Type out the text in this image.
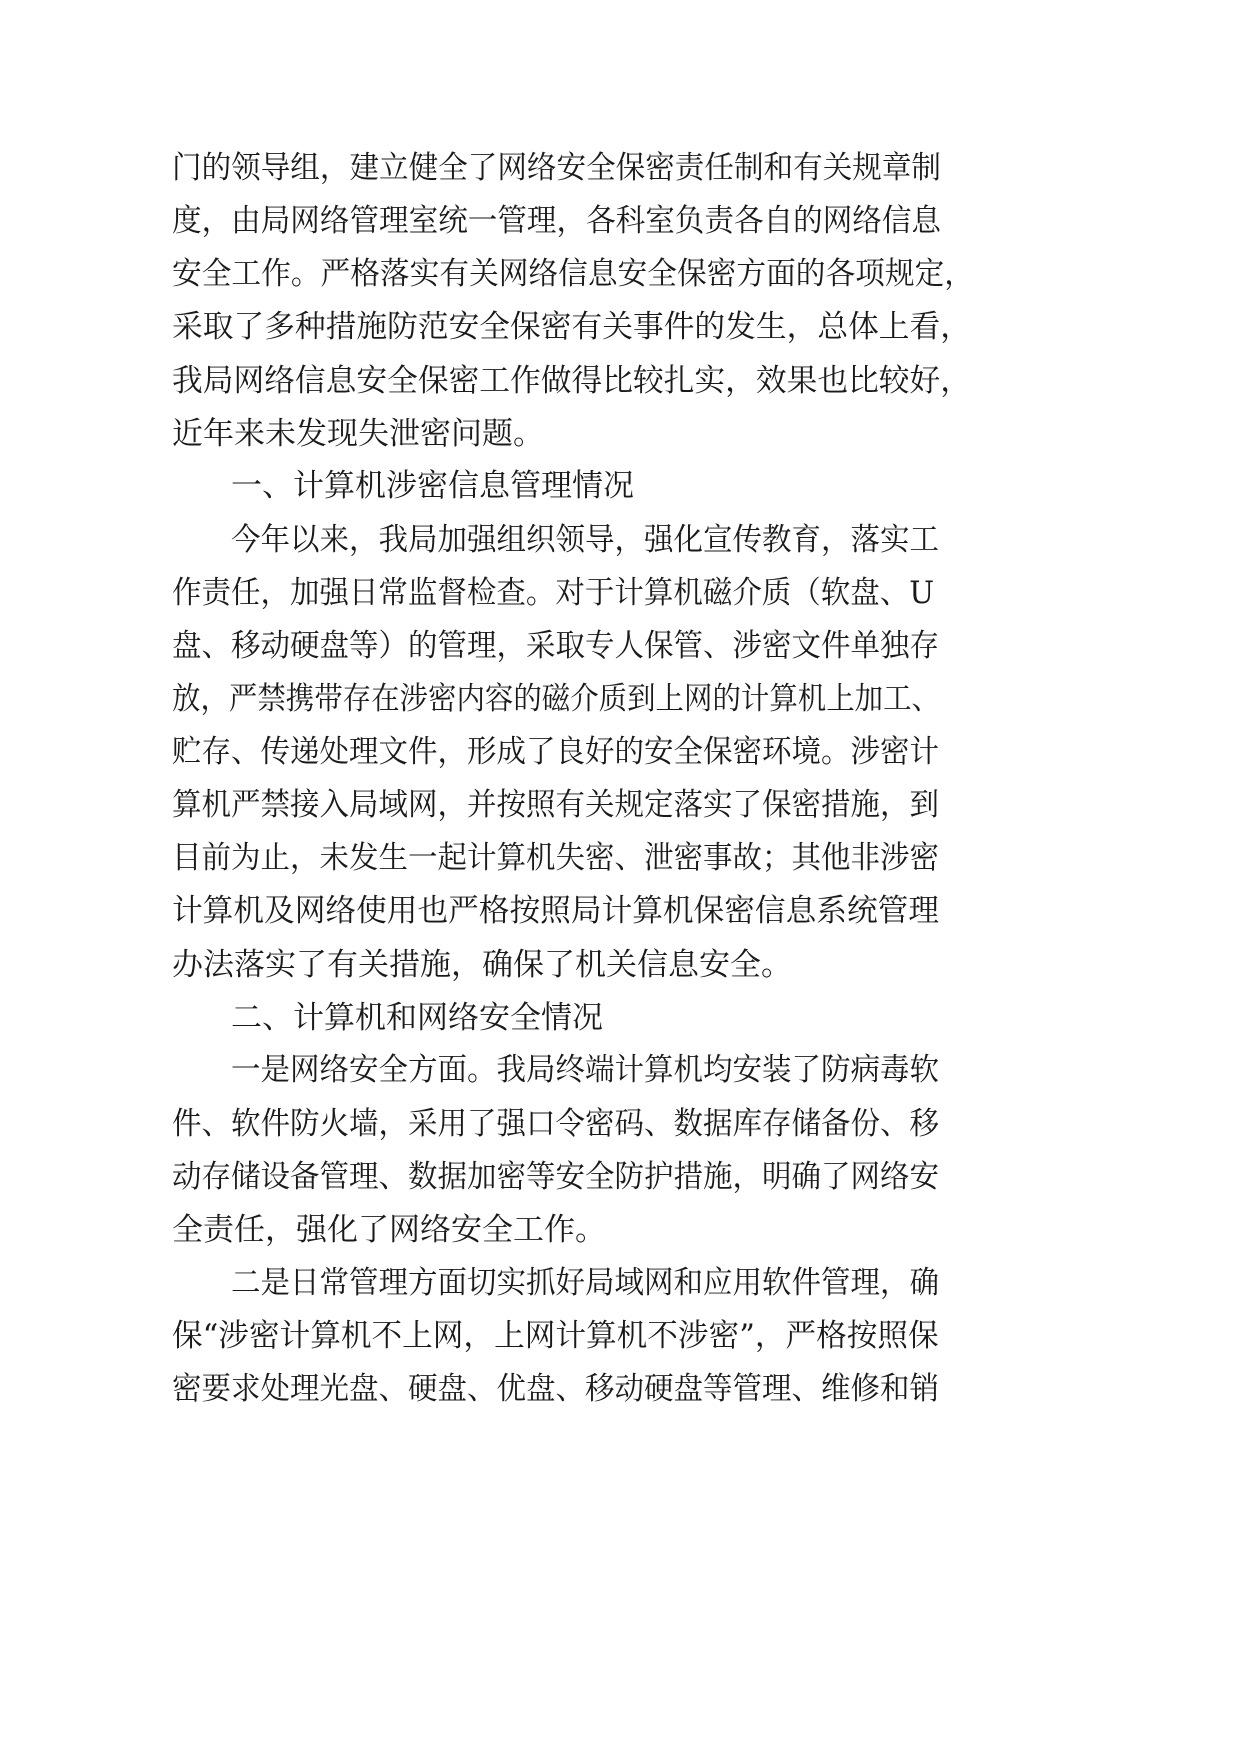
门的领导组，建立健全了网络安全保密责任制和有关规章制
度，由局网络管理室统一管理，各科室负责各自的网络信息
安全工作。严格落实有关网络信息安全保密方面的各项规定，
采取了多种措施防范安全保密有关事件的发生，总体上看，
我局网络信息安全保密工作做得比较扎实，效果也比较好，
近年来未发现失泄密问题。
一、计算机涉密信息管理情况
今年以来，我局加强组织领导，强化宣传教育，落实工
作责任，加强日常监督检查。对于计算机磁介质（软盘、U
盘、移动硬盘等）的管理，采取专人保管、涉密文件单独存
放，严禁携带存在涉密内容的磁介质到上网的计算机上加工、
贮存、传递处理文件，形成了良好的安全保密环境。涉密计
算机严禁接入局域网，并按照有关规定落实了保密措施，到
目前为止，未发生一起计算机失密、泄密事故；其他非涉密
计算机及网络使用也严格按照局计算机保密信息系统管理
办法落实了有关措施，确保了机关信息安全。
二、计算机和网络安全情况
一是网络安全方面。我局终端计算机均安装了防病毒软
件、软件防火墙，采用了强口令密码、数据库存储备份、移
动存储设备管理、数据加密等安全防护措施，明确了网络安
全责任，强化了网络安全工作。
二是日常管理方面切实抓好局域网和应用软件管理，确
保“涉密计算机不上网，上网计算机不涉密”，严格按照保
密要求处理光盘、硬盘、优盘、移动硬盘等管理、维修和销
